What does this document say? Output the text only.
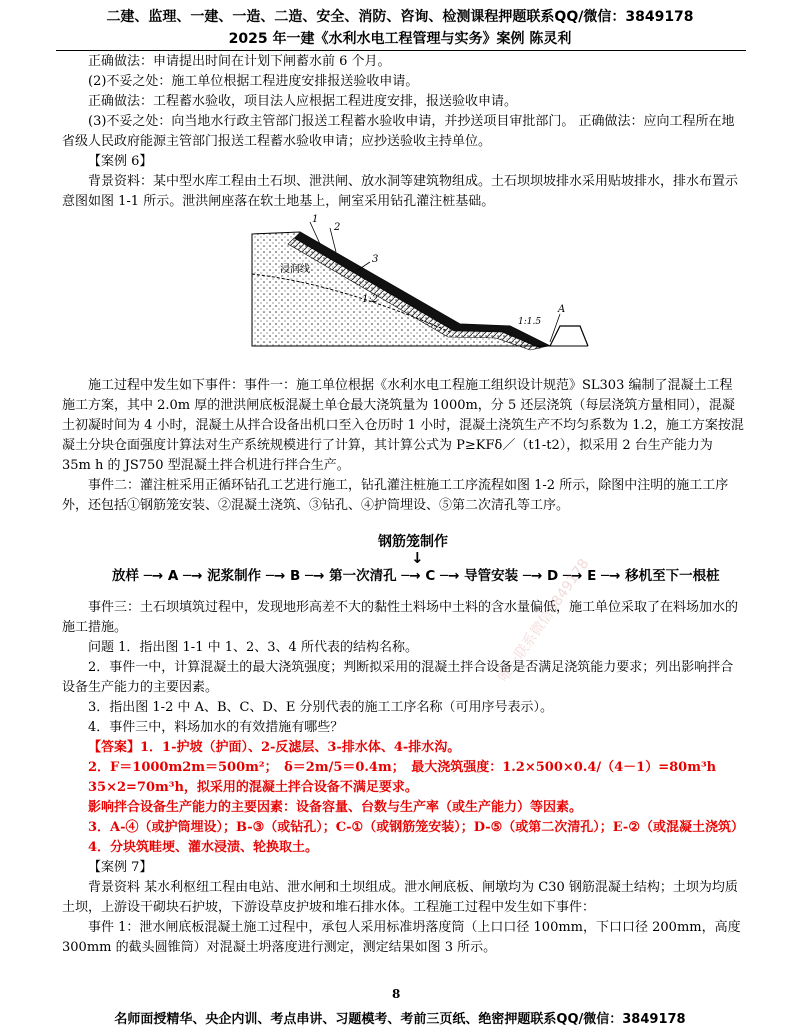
二建、监理、一建、一造、二造、安全、消防、咨询、检测课程押题联系QQ/微信：3849178
2025 年一建《水利水电工程管理与实务》案例 陈灵利

正确做法：申请提出时间在计划下闸蓄水前 6 个月。

(2)不妥之处：施工单位根据工程进度安排报送验收申请。

正确做法：工程蓄水验收，项目法人应根据工程进度安排，报送验收申请。

(3)不妥之处：向当地水行政主管部门报送工程蓄水验收申请，并抄送项目审批部门。 正确做法：应向工程所在地省级人民政府能源主管部门报送工程蓄水验收申请；应抄送验收主持单位。

【案例 6】

背景资料：某中型水库工程由土石坝、泄洪闸、放水洞等建筑物组成。土石坝坝坡排水采用贴坡排水，排水布置示意图如图 1-1 所示。泄洪闸座落在软土地基上，闸室采用钻孔灌注桩基础。

1
2
3
浸润线
1:2
1:1.5
A

施工过程中发生如下事件：事件一：施工单位根据《水利水电工程施工组织设计规范》SL303 编制了混凝土工程施工方案，其中 2.0m 厚的泄洪闸底板混凝土单仓最大浇筑量为 1000m，分 5 还层浇筑（每层浇筑方量相同），混凝土初凝时间为 4 小时，混凝土从拌合设备出机口至入仓历时 1 小时，混凝土浇筑生产不均匀系数为 1.2，施工方案按混凝土分块仓面强度计算法对生产系统规模进行了计算，其计算公式为 P≥KFδ／（t1-t2），拟采用 2 台生产能力为 35m h 的 JS750 型混凝土拌合机进行拌合生产。

事件二：灌注桩采用正循环钻孔工艺进行施工，钻孔灌注桩施工工序流程如图 1-2 所示，除图中注明的施工工序外，还包括①钢筋笼安装、②混凝土浇筑、③钻孔、④护筒埋设、⑤第二次清孔等工序。

钢筋笼制作
↓
放样 ─→ A ─→ 泥浆制作 ─→ B ─→ 第一次清孔 ─→ C ─→ 导管安装 ─→ D ─→ E ─→ 移机至下一根桩

事件三：土石坝填筑过程中，发现地形高差不大的黏性土料场中土料的含水量偏低，施工单位采取了在料场加水的施工措施。

问题 1．指出图 1-1 中 1、2、3、4 所代表的结构名称。

2．事件一中，计算混凝土的最大浇筑强度；判断拟采用的混凝土拌合设备是否满足浇筑能力要求；列出影响拌合设备生产能力的主要因素。

3．指出图 1-2 中 A、B、C、D、E 分别代表的施工工序名称（可用序号表示）。

4．事件三中，料场加水的有效措施有哪些？

【答案】1．1-护坡（护面）、2-反滤层、3-排水体、4-排水沟。

2．F＝1000m2m＝500m²；　δ＝2m/5＝0.4m；　最大浇筑强度：1.2×500×0.4/（4－1）=80m³h

35×2=70m³h，拟采用的混凝土拌合设备不满足要求。

影响拌合设备生产能力的主要因素：设备容量、台数与生产率（或生产能力）等因素。

3．A-④（或护筒埋设）；B-③（或钻孔）；C-①（或钢筋笼安装）；D-⑤（或第二次清孔）；E-②（或混凝土浇筑）

4．分块筑畦埂、灌水浸渍、轮换取土。

【案例 7】

背景资料 某水利枢纽工程由电站、泄水闸和土坝组成。泄水闸底板、闸墩均为 C30 钢筋混凝土结构；土坝为均质土坝，上游设干砌块石护坡，下游设草皮护坡和堆石排水体。工程施工过程中发生如下事件：

事件 1：泄水闸底板混凝土施工过程中，承包人采用标准坍落度筒（上口口径 100mm，下口口径 200mm，高度 300mm 的截头圆锥筒）对混凝土坍落度进行测定，测定结果如图 3 所示。

唯一联系微信3849178
8
名师面授精华、央企内训、考点串讲、习题模考、考前三页纸、绝密押题联系QQ/微信：3849178
